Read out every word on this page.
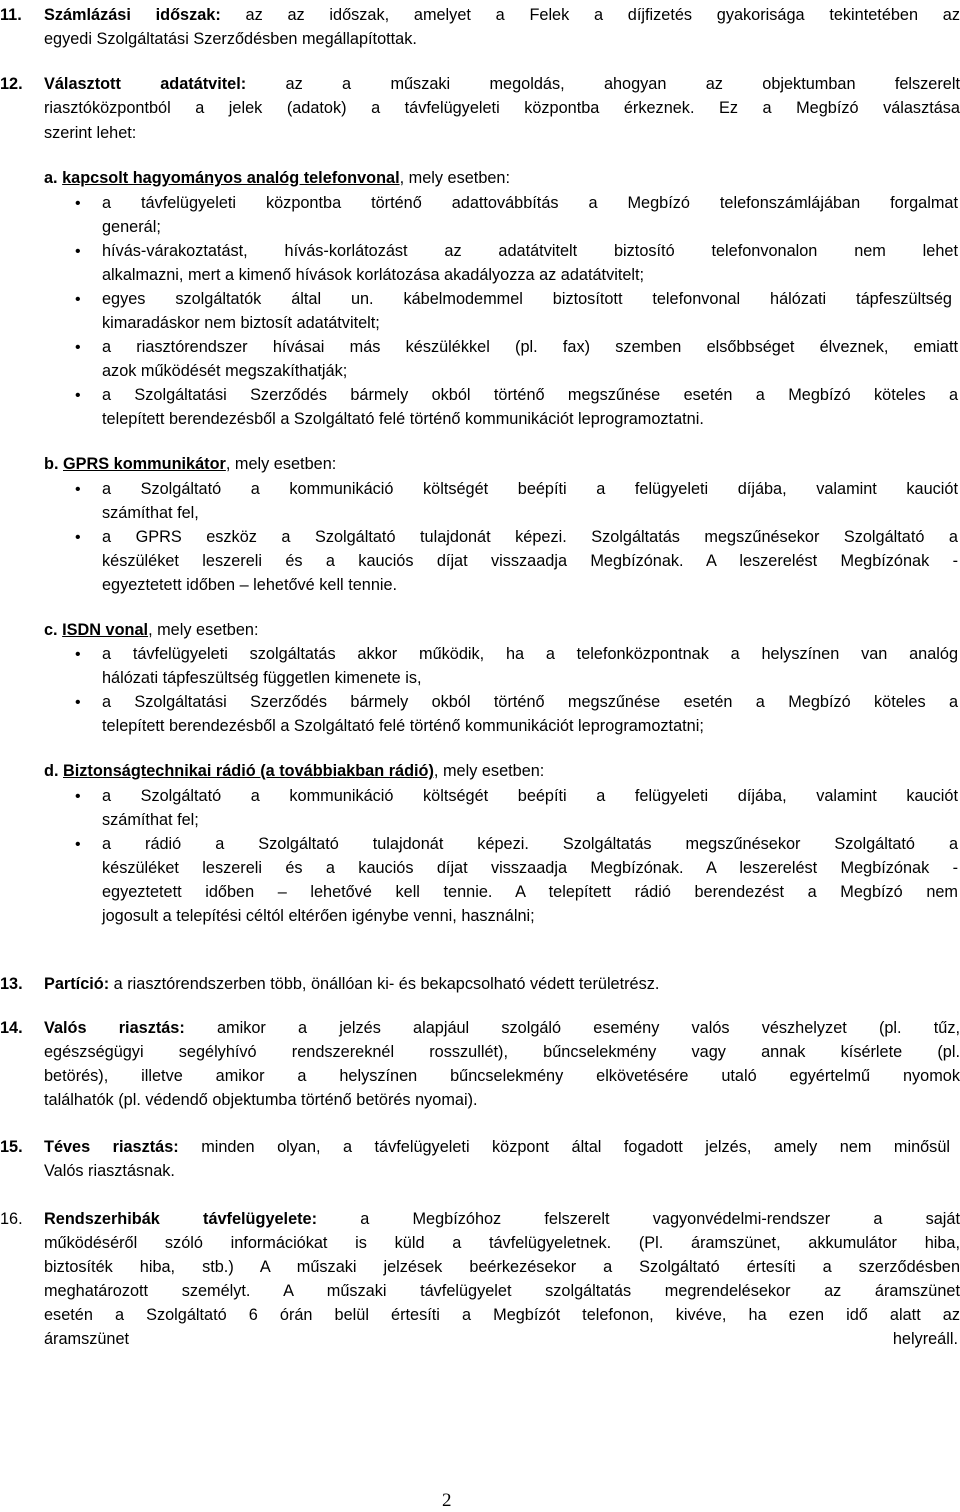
11. Számlázási időszak: az az időszak, amelyet a Felek a díjfizetés gyakorisága tekintetében az
egyedi Szolgáltatási Szerződésben megállapítottak.
12. Választott adatátvitel: az a műszaki megoldás, ahogyan az objektumban felszerelt
riasztóközpontból a jelek (adatok) a távfelügyeleti központba érkeznek. Ez a Megbízó választása
szerint lehet:
a. kapcsolt hagyományos analóg telefonvonal, mely esetben:
• a távfelügyeleti központba történő adattovábbítás a Megbízó telefonszámlájában forgalmat
generál;
• hívás-várakoztatást, hívás-korlátozást az adatátvitelt biztosító telefonvonalon nem lehet
alkalmazni, mert a kimenő hívások korlátozása akadályozza az adatátvitelt;
• egyes szolgáltatók által un. kábelmodemmel biztosított telefonvonal hálózati tápfeszültség
kimaradáskor nem biztosít adatátvitelt;
• a riasztórendszer hívásai más készülékkel (pl. fax) szemben elsőbbséget élveznek, emiatt
azok működését megszakíthatják;
• a Szolgáltatási Szerződés bármely okból történő megszűnése esetén a Megbízó köteles a
telepített berendezésből a Szolgáltató felé történő kommunikációt leprogramoztatni.
b. GPRS kommunikátor, mely esetben:
• a Szolgáltató a kommunikáció költségét beépíti a felügyeleti díjába, valamint kauciót
számíthat fel,
• a GPRS eszköz a Szolgáltató tulajdonát képezi. Szolgáltatás megszűnésekor Szolgáltató a
készüléket leszereli és a kauciós díjat visszaadja Megbízónak. A leszerelést Megbízónak -
egyeztetett időben – lehetővé kell tennie.
c. ISDN vonal, mely esetben:
• a távfelügyeleti szolgáltatás akkor működik, ha a telefonközpontnak a helyszínen van analóg
hálózati tápfeszültség független kimenete is,
• a Szolgáltatási Szerződés bármely okból történő megszűnése esetén a Megbízó köteles a
telepített berendezésből a Szolgáltató felé történő kommunikációt leprogramoztatni;
d. Biztonságtechnikai rádió (a továbbiakban rádió), mely esetben:
• a Szolgáltató a kommunikáció költségét beépíti a felügyeleti díjába, valamint kauciót
számíthat fel;
• a rádió a Szolgáltató tulajdonát képezi. Szolgáltatás megszűnésekor Szolgáltató a
készüléket leszereli és a kauciós díjat visszaadja Megbízónak. A leszerelést Megbízónak -
egyeztetett időben – lehetővé kell tennie. A telepített rádió berendezést a Megbízó nem
jogosult a telepítési céltól eltérően igénybe venni, használni;
13. Partíció: a riasztórendszerben több, önállóan ki- és bekapcsolható védett területrész.
14. Valós riasztás: amikor a jelzés alapjául szolgáló esemény valós vészhelyzet (pl. tűz,
egészségügyi segélyhívó rendszereknél rosszullét), bűncselekmény vagy annak kísérlete (pl.
betörés), illetve amikor a helyszínen bűncselekmény elkövetésére utaló egyértelmű nyomok
találhatók (pl. védendő objektumba történő betörés nyomai).
15. Téves riasztás: minden olyan, a távfelügyeleti központ által fogadott jelzés, amely nem minősül
Valós riasztásnak.
16. Rendszerhibák távfelügyelete: a Megbízóhoz felszerelt vagyonvédelmi-rendszer a saját
működéséről szóló információkat is küld a távfelügyeletnek. (Pl. áramszünet, akkumulátor hiba,
biztosíték hiba, stb.) A műszaki jelzések beérkezésekor a Szolgáltató értesíti a szerződésben
meghatározott személyt. A műszaki távfelügyelet szolgáltatás megrendelésekor az áramszünet
esetén a Szolgáltató 6 órán belül értesíti a Megbízót telefonon, kivéve, ha ezen idő alatt az
áramszünet	helyreáll.
2
